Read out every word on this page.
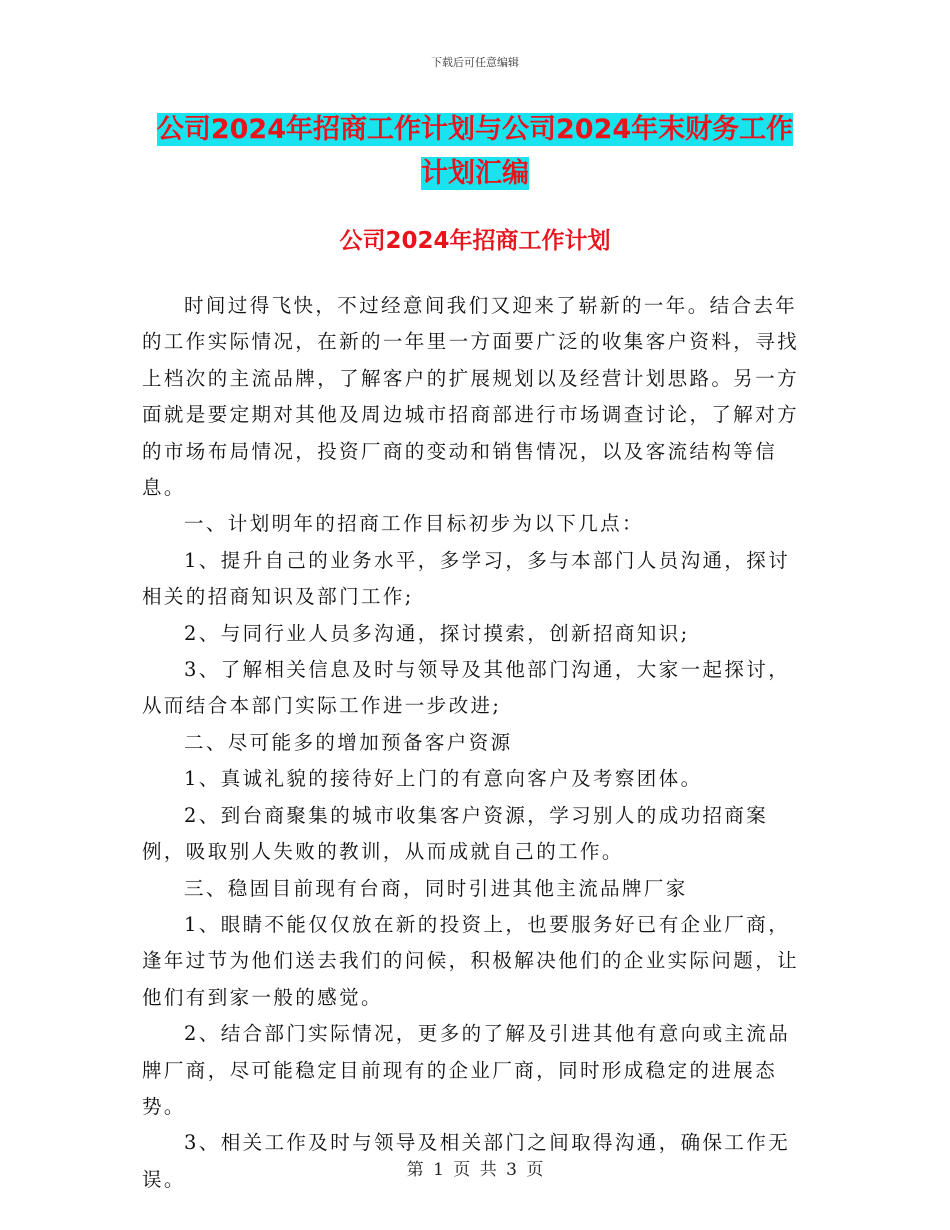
下载后可任意编辑
公司2024年招商工作计划与公司2024年末财务工作
计划汇编
公司2024年招商工作计划

时间过得飞快，不过经意间我们又迎来了崭新的一年。结合去年的工作实际情况，在新的一年里一方面要广泛的收集客户资料，寻找上档次的主流品牌，了解客户的扩展规划以及经营计划思路。另一方面就是要定期对其他及周边城市招商部进行市场调查讨论，了解对方的市场布局情况，投资厂商的变动和销售情况，以及客流结构等信息。

一、计划明年的招商工作目标初步为以下几点：

1、提升自己的业务水平，多学习，多与本部门人员沟通，探讨相关的招商知识及部门工作;

2、与同行业人员多沟通，探讨摸索，创新招商知识;

3、了解相关信息及时与领导及其他部门沟通，大家一起探讨，从而结合本部门实际工作进一步改进;

二、尽可能多的增加预备客户资源

1、真诚礼貌的接待好上门的有意向客户及考察团体。

2、到台商聚集的城市收集客户资源，学习别人的成功招商案例，吸取别人失败的教训，从而成就自己的工作。

三、稳固目前现有台商，同时引进其他主流品牌厂家

1、眼睛不能仅仅放在新的投资上，也要服务好已有企业厂商，逢年过节为他们送去我们的问候，积极解决他们的企业实际问题，让他们有到家一般的感觉。

2、结合部门实际情况，更多的了解及引进其他有意向或主流品牌厂商，尽可能稳定目前现有的企业厂商，同时形成稳定的进展态势。

3、相关工作及时与领导及相关部门之间取得沟通，确保工作无误。	第 1 页 共 3 页
